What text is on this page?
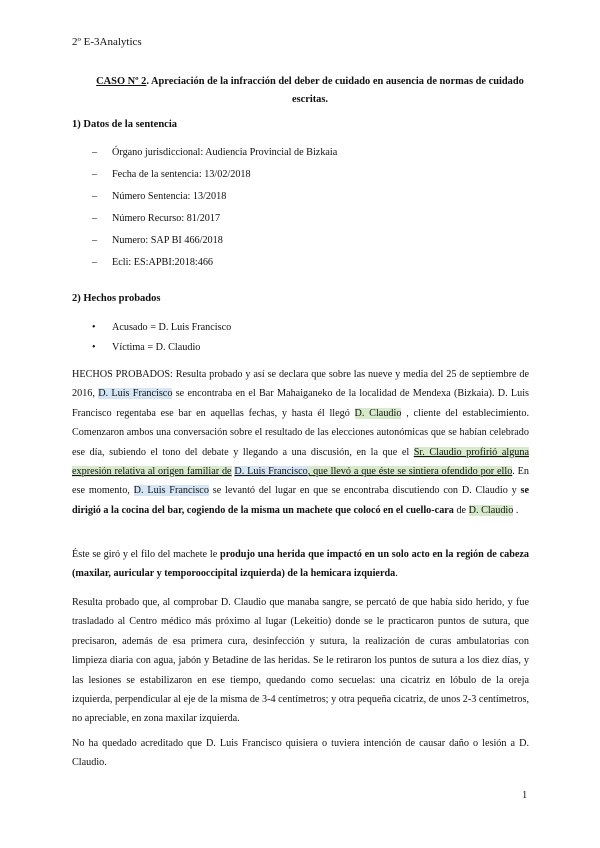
2º E-3Analytics
CASO Nº 2. Apreciación de la infracción del deber de cuidado en ausencia de normas de cuidado escritas.
1) Datos de la sentencia
– Órgano jurisdiccional: Audiencia Provincial de Bizkaia
– Fecha de la sentencia: 13/02/2018
– Número Sentencia: 13/2018
– Número Recurso: 81/2017
– Numero: SAP BI 466/2018
– Ecli: ES:APBI:2018:466
2) Hechos probados
• Acusado = D. Luis Francisco
• Víctima = D. Claudio
HECHOS PROBADOS: Resulta probado y así se declara que sobre las nueve y media del 25 de septiembre de 2016, D. Luis Francisco se encontraba en el Bar Mahaiganeko de la localidad de Mendexa (Bizkaia). D. Luis Francisco regentaba ese bar en aquellas fechas, y hasta él llegó D. Claudio , cliente del establecimiento. Comenzaron ambos una conversación sobre el resultado de las elecciones autonómicas que se habían celebrado ese día, subiendo el tono del debate y llegando a una discusión, en la que el Sr. Claudio profirió alguna expresión relativa al origen familiar de D. Luis Francisco, que llevó a que éste se sintiera ofendido por ello. En ese momento, D. Luis Francisco se levantó del lugar en que se encontraba discutiendo con D. Claudio y se dirigió a la cocina del bar, cogiendo de la misma un machete que colocó en el cuello-cara de D. Claudio .
Éste se giró y el filo del machete le produjo una herida que impactó en un solo acto en la región de cabeza (maxilar, auricular y temporooccipital izquierda) de la hemicara izquierda.
Resulta probado que, al comprobar D. Claudio que manaba sangre, se percató de que había sido herido, y fue trasladado al Centro médico más próximo al lugar (Lekeitio) donde se le practicaron puntos de sutura, que precisaron, además de esa primera cura, desinfección y sutura, la realización de curas ambulatorias con limpieza diaria con agua, jabón y Betadine de las heridas. Se le retiraron los puntos de sutura a los diez días, y las lesiones se estabilizaron en ese tiempo, quedando como secuelas: una cicatriz en lóbulo de la oreja izquierda, perpendicular al eje de la misma de 3-4 centímetros; y otra pequeña cicatriz, de unos 2-3 centímetros, no apreciable, en zona maxilar izquierda.
No ha quedado acreditado que D. Luis Francisco quisiera o tuviera intención de causar daño o lesión a D. Claudio.
1
